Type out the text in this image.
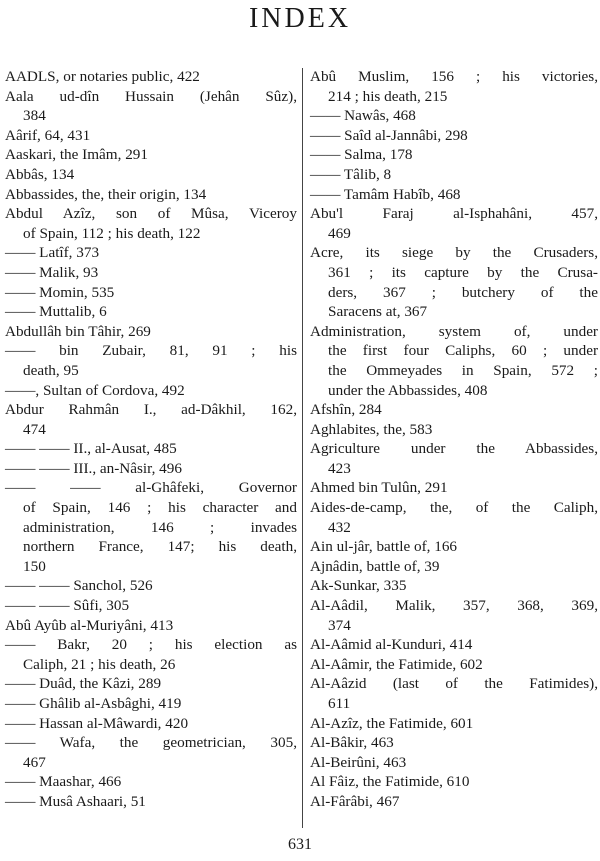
INDEX
AADLS, or notaries public, 422
Aala ud-dîn Hussain (Jehân Sûz),
384
Aârif, 64, 431
Aaskari, the Imâm, 291
Abbâs, 134
Abbassides, the, their origin, 134
Abdul Azîz, son of Mûsa, Viceroy
of Spain, 112 ; his death, 122
—— Latîf, 373
—— Malik, 93
—— Momin, 535
—— Muttalib, 6
Abdullâh bin Tâhir, 269
—— bin Zubair, 81, 91 ; his
death, 95
——, Sultan of Cordova, 492
Abdur Rahmân I., ad-Dâkhil, 162,
474
—— —— II., al-Ausat, 485
—— —— III., an-Nâsir, 496
—— —— al-Ghâfeki, Governor
of Spain, 146 ; his character and
administration, 146 ; invades
northern France, 147; his death,
150
—— —— Sanchol, 526
—— —— Sûfi, 305
Abû Ayûb al-Muriyâni, 413
—— Bakr, 20 ; his election as
Caliph, 21 ; his death, 26
—— Duâd, the Kâzi, 289
—— Ghâlib al-Asbâghi, 419
—— Hassan al-Mâwardi, 420
—— Wafa, the geometrician, 305,
467
—— Maashar, 466
—— Musâ Ashaari, 51
Abû Muslim, 156 ; his victories,
214 ; his death, 215
—— Nawâs, 468
—— Saîd al-Jannâbi, 298
—— Salma, 178
—— Tâlib, 8
—— Tamâm Habîb, 468
Abu'l Faraj al-Isphahâni, 457,
469
Acre, its siege by the Crusaders,
361 ; its capture by the Crusa-
ders, 367 ; butchery of the
Saracens at, 367
Administration, system of, under
the first four Caliphs, 60 ; under
the Ommeyades in Spain, 572 ;
under the Abbassides, 408
Afshîn, 284
Aghlabites, the, 583
Agriculture under the Abbassides,
423
Ahmed bin Tulûn, 291
Aides-de-camp, the, of the Caliph,
432
Ain ul-jâr, battle of, 166
Ajnâdin, battle of, 39
Ak-Sunkar, 335
Al-Aâdil, Malik, 357, 368, 369,
374
Al-Aâmid al-Kunduri, 414
Al-Aâmir, the Fatimide, 602
Al-Aâzid (last of the Fatimides),
611
Al-Azîz, the Fatimide, 601
Al-Bâkir, 463
Al-Beirûni, 463
Al Fâiz, the Fatimide, 610
Al-Fârâbi, 467
631
